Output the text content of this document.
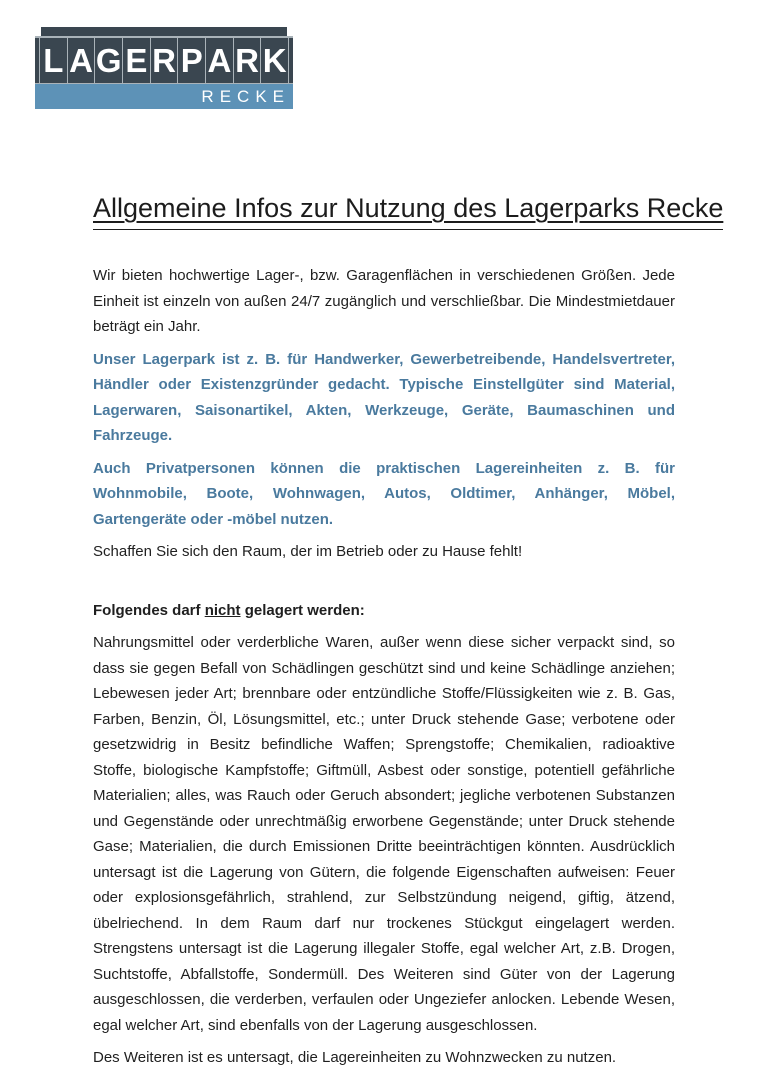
L A G E R P A R K
RECKE
Allgemeine Infos zur Nutzung des Lagerparks Recke

Wir bieten hochwertige Lager-, bzw. Garagenflächen in verschiedenen Größen. Jede Einheit ist einzeln von außen 24/7 zugänglich und verschließbar. Die Mindestmietdauer beträgt ein Jahr.

Unser Lagerpark ist z. B. für Handwerker, Gewerbetreibende, Handelsvertreter, Händler oder Existenzgründer gedacht. Typische Einstellgüter sind Material, Lagerwaren, Saisonartikel, Akten, Werkzeuge, Geräte, Baumaschinen und Fahrzeuge.

Auch Privatpersonen können die praktischen Lagereinheiten z. B. für Wohnmobile, Boote, Wohnwagen, Autos, Oldtimer, Anhänger, Möbel, Gartengeräte oder -möbel nutzen.

Schaffen Sie sich den Raum, der im Betrieb oder zu Hause fehlt!

Folgendes darf nicht gelagert werden:

Nahrungsmittel oder verderbliche Waren, außer wenn diese sicher verpackt sind, so dass sie gegen Befall von Schädlingen geschützt sind und keine Schädlinge anziehen; Lebewesen jeder Art; brennbare oder entzündliche Stoffe/Flüssigkeiten wie z. B. Gas, Farben, Benzin, Öl, Lösungsmittel, etc.; unter Druck stehende Gase; verbotene oder gesetzwidrig in Besitz befindliche Waffen; Sprengstoffe; Chemikalien, radioaktive Stoffe, biologische Kampfstoffe; Giftmüll, Asbest oder sonstige, potentiell gefährliche Materialien; alles, was Rauch oder Geruch absondert; jegliche verbotenen Substanzen und Gegenstände oder unrechtmäßig erworbene Gegenstände; unter Druck stehende Gase; Materialien, die durch Emissionen Dritte beeinträchtigen könnten. Ausdrücklich untersagt ist die Lagerung von Gütern, die folgende Eigenschaften aufweisen: Feuer oder explosionsgefährlich, strahlend, zur Selbstzündung neigend, giftig, ätzend, übelriechend. In dem Raum darf nur trockenes Stückgut eingelagert werden. Strengstens untersagt ist die Lagerung illegaler Stoffe, egal welcher Art, z.B. Drogen, Suchtstoffe, Abfallstoffe, Sondermüll. Des Weiteren sind Güter von der Lagerung ausgeschlossen, die verderben, verfaulen oder Ungeziefer anlocken. Lebende Wesen, egal welcher Art, sind ebenfalls von der Lagerung ausgeschlossen.

Des Weiteren ist es untersagt, die Lagereinheiten zu Wohnzwecken zu nutzen.
